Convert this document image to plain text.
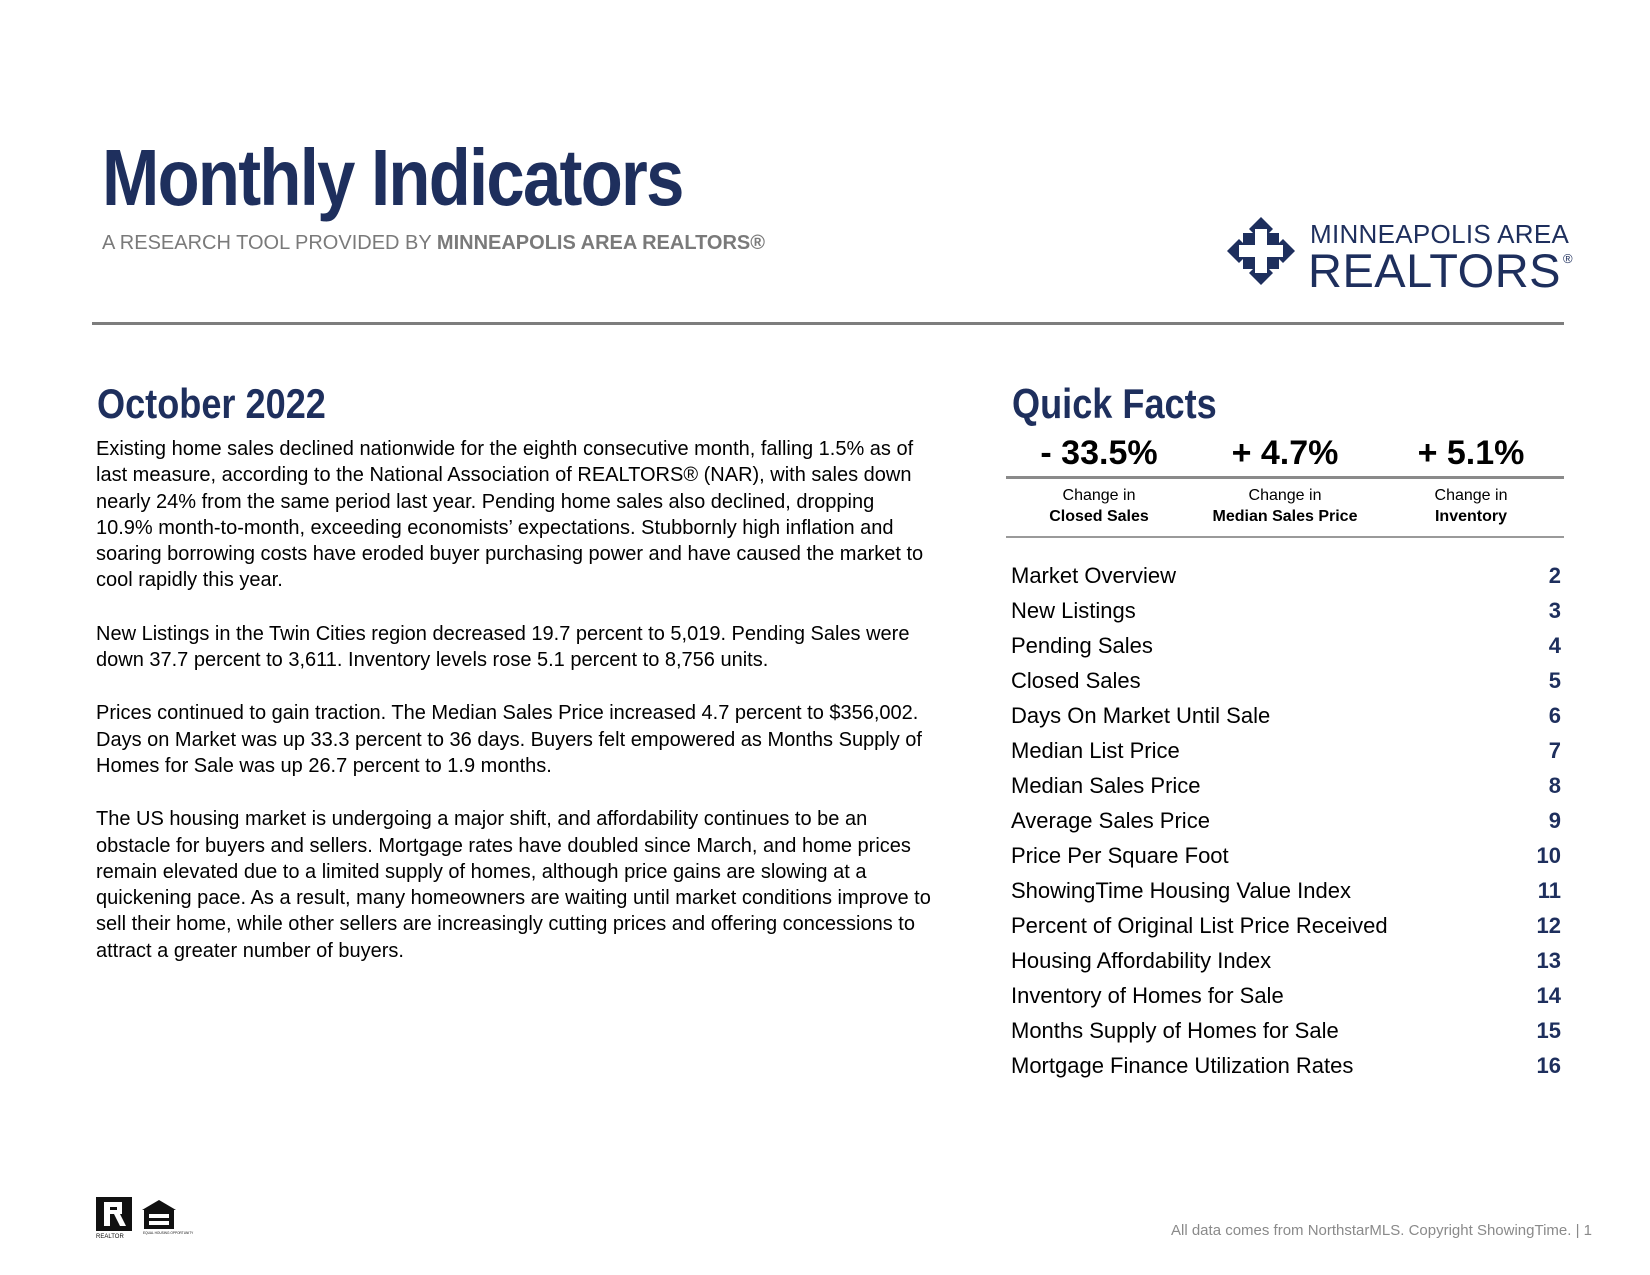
Monthly Indicators
A RESEARCH TOOL PROVIDED BY MINNEAPOLIS AREA REALTORS®	MINNEAPOLIS AREA
REALTORS ®
October 2022

Existing home sales declined nationwide for the eighth consecutive month, falling 1.5% as of last measure, according to the National Association of REALTORS® (NAR), with sales down nearly 24% from the same period last year. Pending home sales also declined, dropping 10.9% month-to-month, exceeding economists’ expectations. Stubbornly high inflation and soaring borrowing costs have eroded buyer purchasing power and have caused the market to cool rapidly this year.

New Listings in the Twin Cities region decreased 19.7 percent to 5,019. Pending Sales were down 37.7 percent to 3,611. Inventory levels rose 5.1 percent to 8,756 units.

Prices continued to gain traction. The Median Sales Price increased 4.7 percent to $356,002. Days on Market was up 33.3 percent to 36 days. Buyers felt empowered as Months Supply of Homes for Sale was up 26.7 percent to 1.9 months.

The US housing market is undergoing a major shift, and affordability continues to be an obstacle for buyers and sellers. Mortgage rates have doubled since March, and home prices remain elevated due to a limited supply of homes, although price gains are slowing at a quickening pace. As a result, many homeowners are waiting until market conditions improve to sell their home, while other sellers are increasingly cutting prices and offering concessions to attract a greater number of buyers.

Quick Facts
- 33.5%	+ 4.7%	+ 5.1%
Change in
Closed Sales
Change in
Median Sales Price
Change in
Inventory
Market Overview	2
New Listings	3
Pending Sales	4
Closed Sales	5
Days On Market Until Sale	6
Median List Price	7
Median Sales Price	8
Average Sales Price	9
Price Per Square Foot	10
ShowingTime Housing Value Index	11
Percent of Original List Price Received	12
Housing Affordability Index	13
Inventory of Homes for Sale	14
Months Supply of Homes for Sale	15
Mortgage Finance Utilization Rates	16
REALTOR
EQUAL HOUSING OPPORTUNITY	All data comes from NorthstarMLS. Copyright ShowingTime. | 1
